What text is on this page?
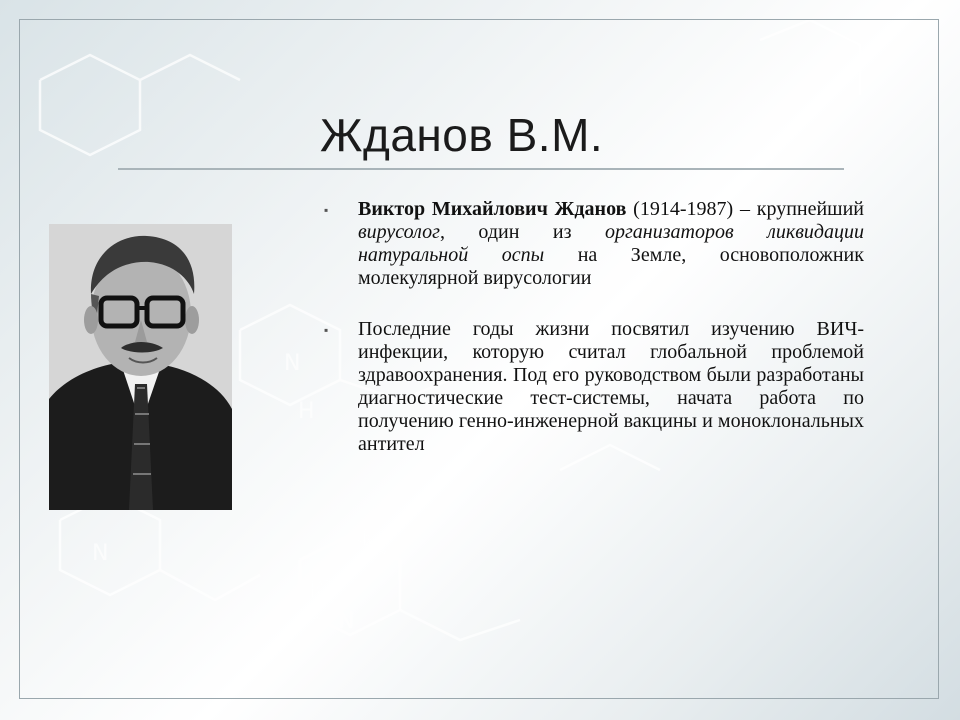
N
H
N
N
HC
N
Жданов В.М.
▪ Виктор Михайлович Жданов (1914-1987) – крупнейший вирусолог, один из организаторов ликвидации натуральной оспы на Земле, основоположник молекулярной вирусологии
▪ Последние годы жизни посвятил изучению ВИЧ-инфекции, которую считал глобальной проблемой здравоохранения. Под его руководством были разработаны диагностические тест-системы, начата работа по получению генно-инженерной вакцины и моноклональных антител
